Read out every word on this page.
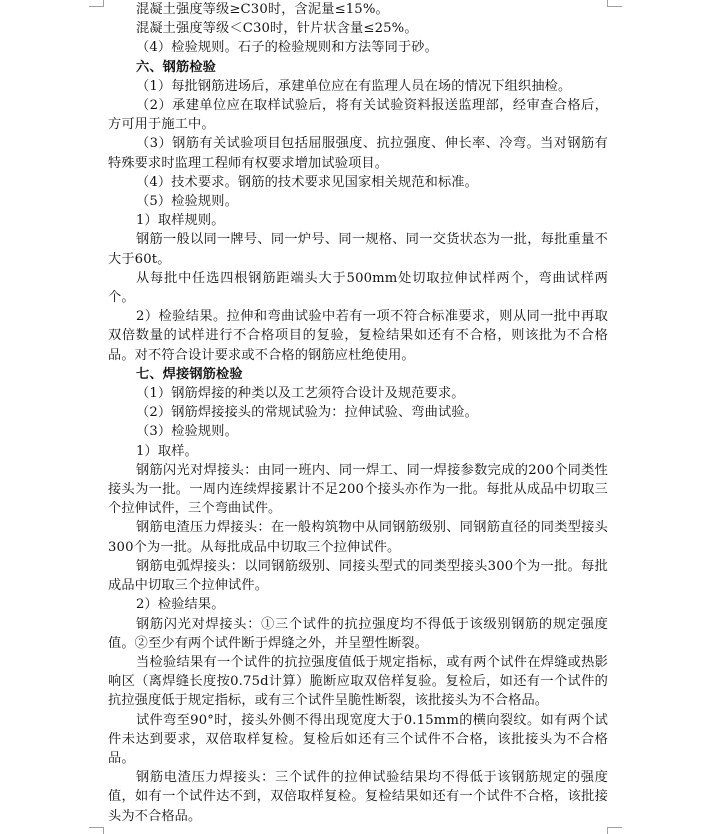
混凝土强度等级≥C30时，含泥量≤15%。

混凝土强度等级＜C30时，针片状含量≤25%。

（4）检验规则。石子的检验规则和方法等同于砂。

六、钢筋检验

（1）每批钢筋进场后，承建单位应在有监理人员在场的情况下组织抽检。

（2）承建单位应在取样试验后，将有关试验资料报送监理部，经审查合格后，方可用于施工中。

（3）钢筋有关试验项目包括屈服强度、抗拉强度、伸长率、冷弯。当对钢筋有特殊要求时监理工程师有权要求增加试验项目。

（4）技术要求。钢筋的技术要求见国家相关规范和标准。

（5）检验规则。

1）取样规则。

钢筋一般以同一牌号、同一炉号、同一规格、同一交货状态为一批，每批重量不大于60t。

从每批中任选四根钢筋距端头大于500mm处切取拉伸试样两个，弯曲试样两个。

2）检验结果。拉伸和弯曲试验中若有一项不符合标准要求，则从同一批中再取双倍数量的试样进行不合格项目的复验，复检结果如还有不合格，则该批为不合格品。对不符合设计要求或不合格的钢筋应杜绝使用。

七、焊接钢筋检验

（1）钢筋焊接的种类以及工艺须符合设计及规范要求。

（2）钢筋焊接接头的常规试验为：拉伸试验、弯曲试验。

（3）检验规则。

1）取样。

钢筋闪光对焊接头：由同一班内、同一焊工、同一焊接参数完成的200个同类性接头为一批。一周内连续焊接累计不足200个接头亦作为一批。每批从成品中切取三个拉伸试件，三个弯曲试件。

钢筋电渣压力焊接头：在一般构筑物中从同钢筋级别、同钢筋直径的同类型接头300个为一批。从每批成品中切取三个拉伸试件。

钢筋电弧焊接头：以同钢筋级别、同接头型式的同类型接头300个为一批。每批成品中切取三个拉伸试件。

2）检验结果。

钢筋闪光对焊接头：①三个试件的抗拉强度均不得低于该级别钢筋的规定强度值。②至少有两个试件断于焊缝之外，并呈塑性断裂。

当检验结果有一个试件的抗拉强度值低于规定指标，或有两个试件在焊缝或热影响区（离焊缝长度按0.75d计算）脆断应取双倍样复验。复检后，如还有一个试件的抗拉强度低于规定指标，或有三个试件呈脆性断裂，该批接头为不合格品。

试件弯至90°时，接头外侧不得出现宽度大于0.15mm的横向裂纹。如有两个试件未达到要求，双倍取样复检。复检后如还有三个试件不合格，该批接头为不合格品。

钢筋电渣压力焊接头：三个试件的拉伸试验结果均不得低于该钢筋规定的强度值，如有一个试件达不到，双倍取样复检。复检结果如还有一个试件不合格，该批接头为不合格品。
